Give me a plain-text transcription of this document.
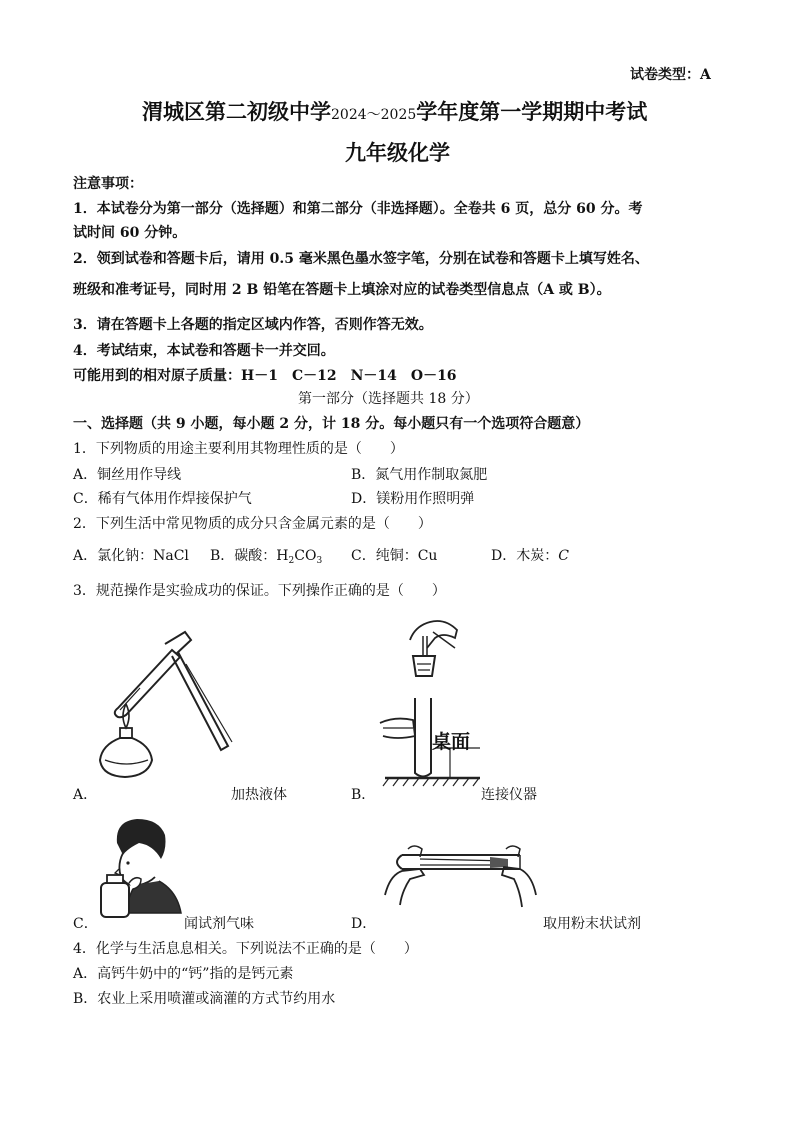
试卷类型：A
渭城区第二初级中学2024～2025学年度第一学期期中考试
九年级化学
注意事项：
1．本试卷分为第一部分（选择题）和第二部分（非选择题）。全卷共 6 页，总分 60 分。考
试时间 60 分钟。
2．领到试卷和答题卡后，请用 0.5 毫米黑色墨水签字笔，分别在试卷和答题卡上填写姓名、
班级和准考证号，同时用 2 B 铅笔在答题卡上填涂对应的试卷类型信息点（A 或 B）。
3．请在答题卡上各题的指定区域内作答，否则作答无效。
4．考试结束，本试卷和答题卡一并交回。
可能用到的相对原子质量：H－1　C－12　N－14　O－16
第一部分（选择题共 18 分）
一、选择题（共 9 小题，每小题 2 分，计 18 分。每小题只有一个选项符合题意）
1．下列物质的用途主要利用其物理性质的是（　　）
A．铜丝用作导线	B．氮气用作制取氮肥
C．稀有气体用作焊接保护气	D．镁粉用作照明弹
2．下列生活中常见物质的成分只含金属元素的是（　　）
A．氯化钠：NaCl B．碳酸：$H_2CO_3$ C．纯铜：Cu	D．木炭：C
3．规范操作是实验成功的保证。下列操作正确的是（　　）
A．	加热液体
桌面
B．	连接仪器
C．	闻试剂气味	D．	取用粉末状试剂
4．化学与生活息息相关。下列说法不正确的是（　　）
A．高钙牛奶中的“钙”指的是钙元素
B．农业上采用喷灌或滴灌的方式节约用水
